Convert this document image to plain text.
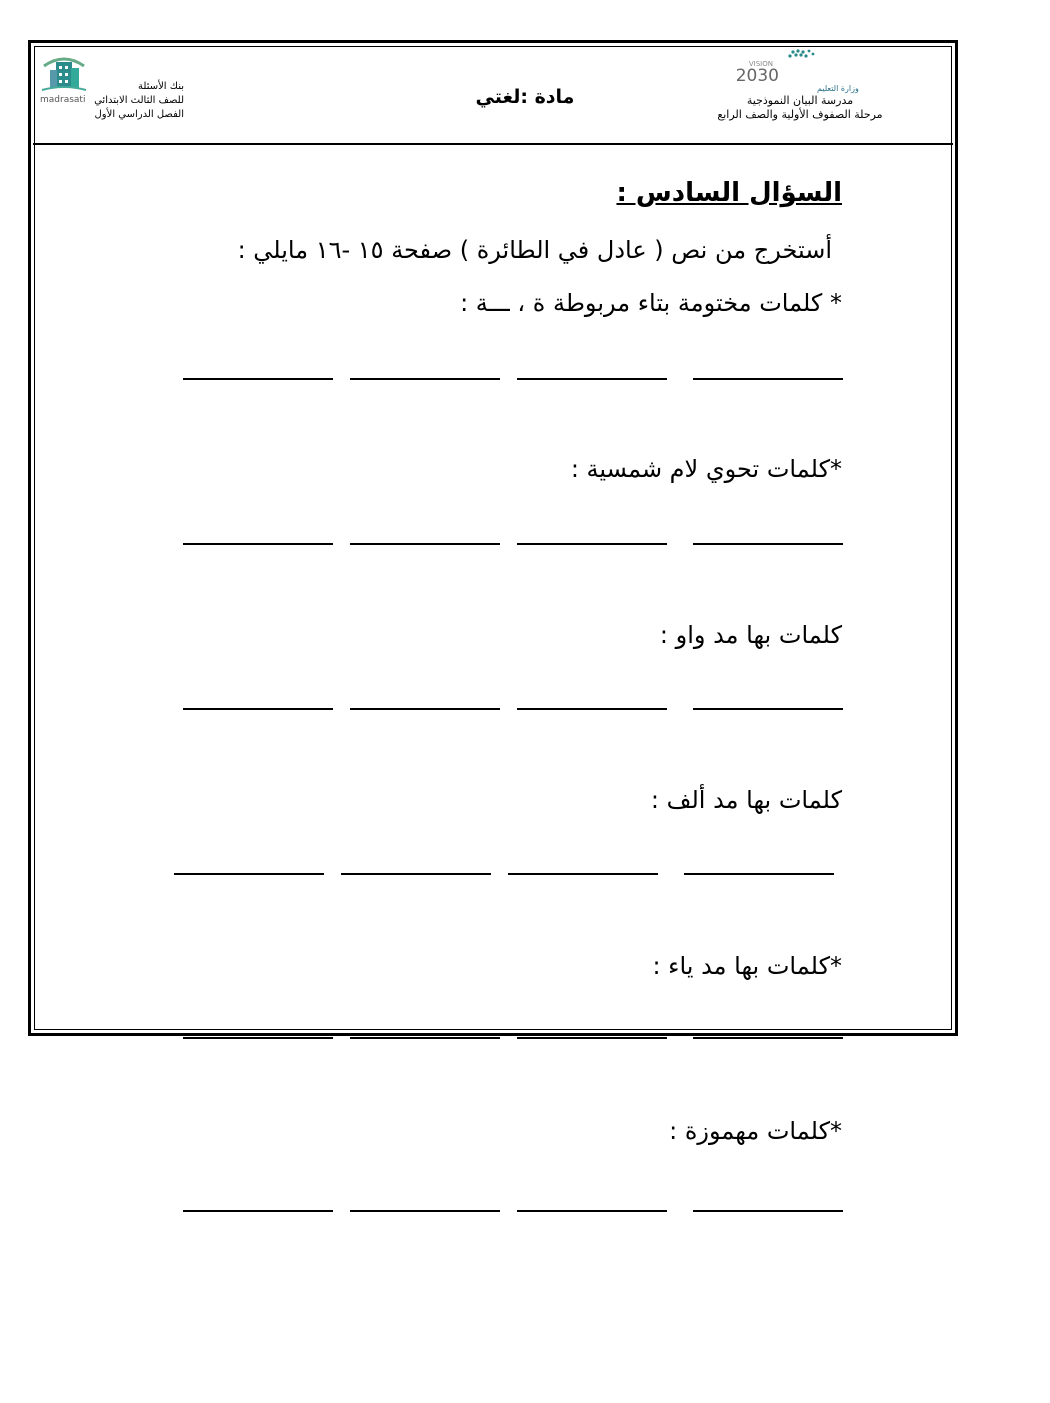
VISION
2030
وزارة التعليم
مدرسة البيان النموذجية
مرحلة الصفوف الأولية والصف الرابع
madrasati
بنك الأسئلة
للصف الثالث الابتدائي
الفصل الدراسي الأول
مادة :لغتي
السؤال السادس :
أستخرج من نص ( عادل في الطائرة ) صفحة ١٥ -١٦ مايلي :
* كلمات مختومة بتاء مربوطة ة ، ـــة :
*كلمات تحوي لام شمسية :
كلمات بها مد واو :
كلمات بها مد ألف :
*كلمات بها مد ياء :
*كلمات مهموزة :
